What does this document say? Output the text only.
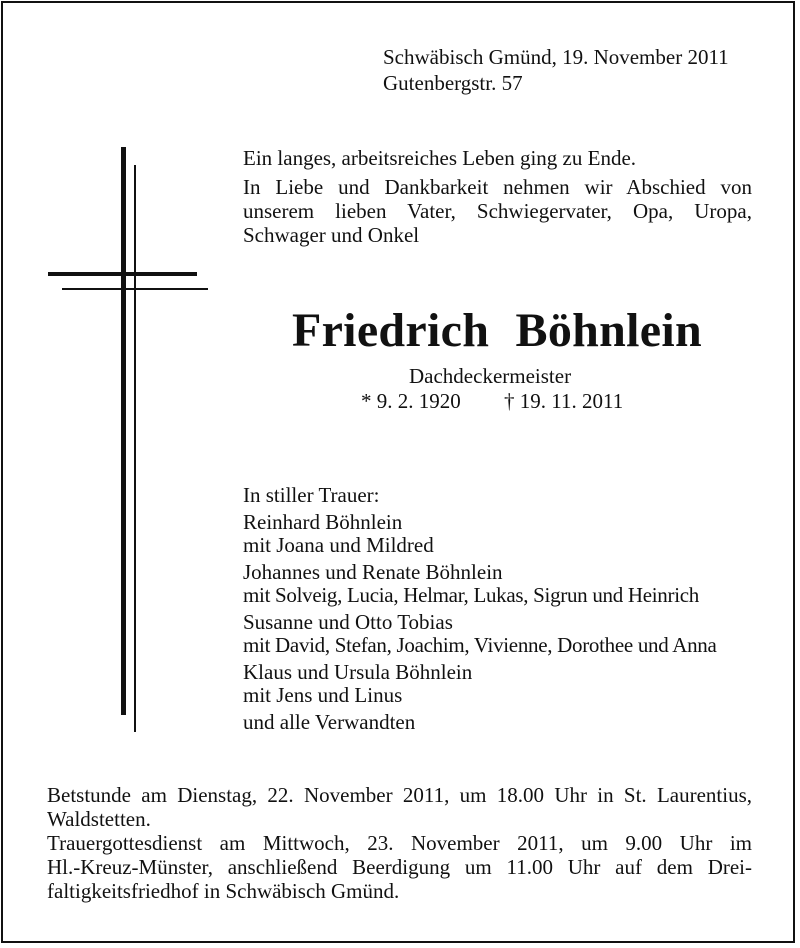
Schwäbisch Gmünd, 19. November 2011

Gutenbergstr. 57

Ein langes, arbeitsreiches Leben ging zu Ende.

In Liebe und Dankbarkeit nehmen wir Abschied von

unserem lieben Vater, Schwiegervater, Opa, Uropa,

Schwager und Onkel

Friedrich Böhnlein

Dachdeckermeister

* 9. 2. 1920 † 19. 11. 2011

In stiller Trauer:

Reinhard Böhnlein

mit Joana und Mildred

Johannes und Renate Böhnlein

mit Solveig, Lucia, Helmar, Lukas, Sigrun und Heinrich

Susanne und Otto Tobias

mit David, Stefan, Joachim, Vivienne, Dorothee und Anna

Klaus und Ursula Böhnlein

mit Jens und Linus

und alle Verwandten

Betstunde am Dienstag, 22. November 2011, um 18.00 Uhr in St. Laurentius,

Waldstetten.

Trauergottesdienst am Mittwoch, 23. November 2011, um 9.00 Uhr im

Hl.-Kreuz-Münster, anschließend Beerdigung um 11.00 Uhr auf dem Drei-

faltigkeitsfriedhof in Schwäbisch Gmünd.
